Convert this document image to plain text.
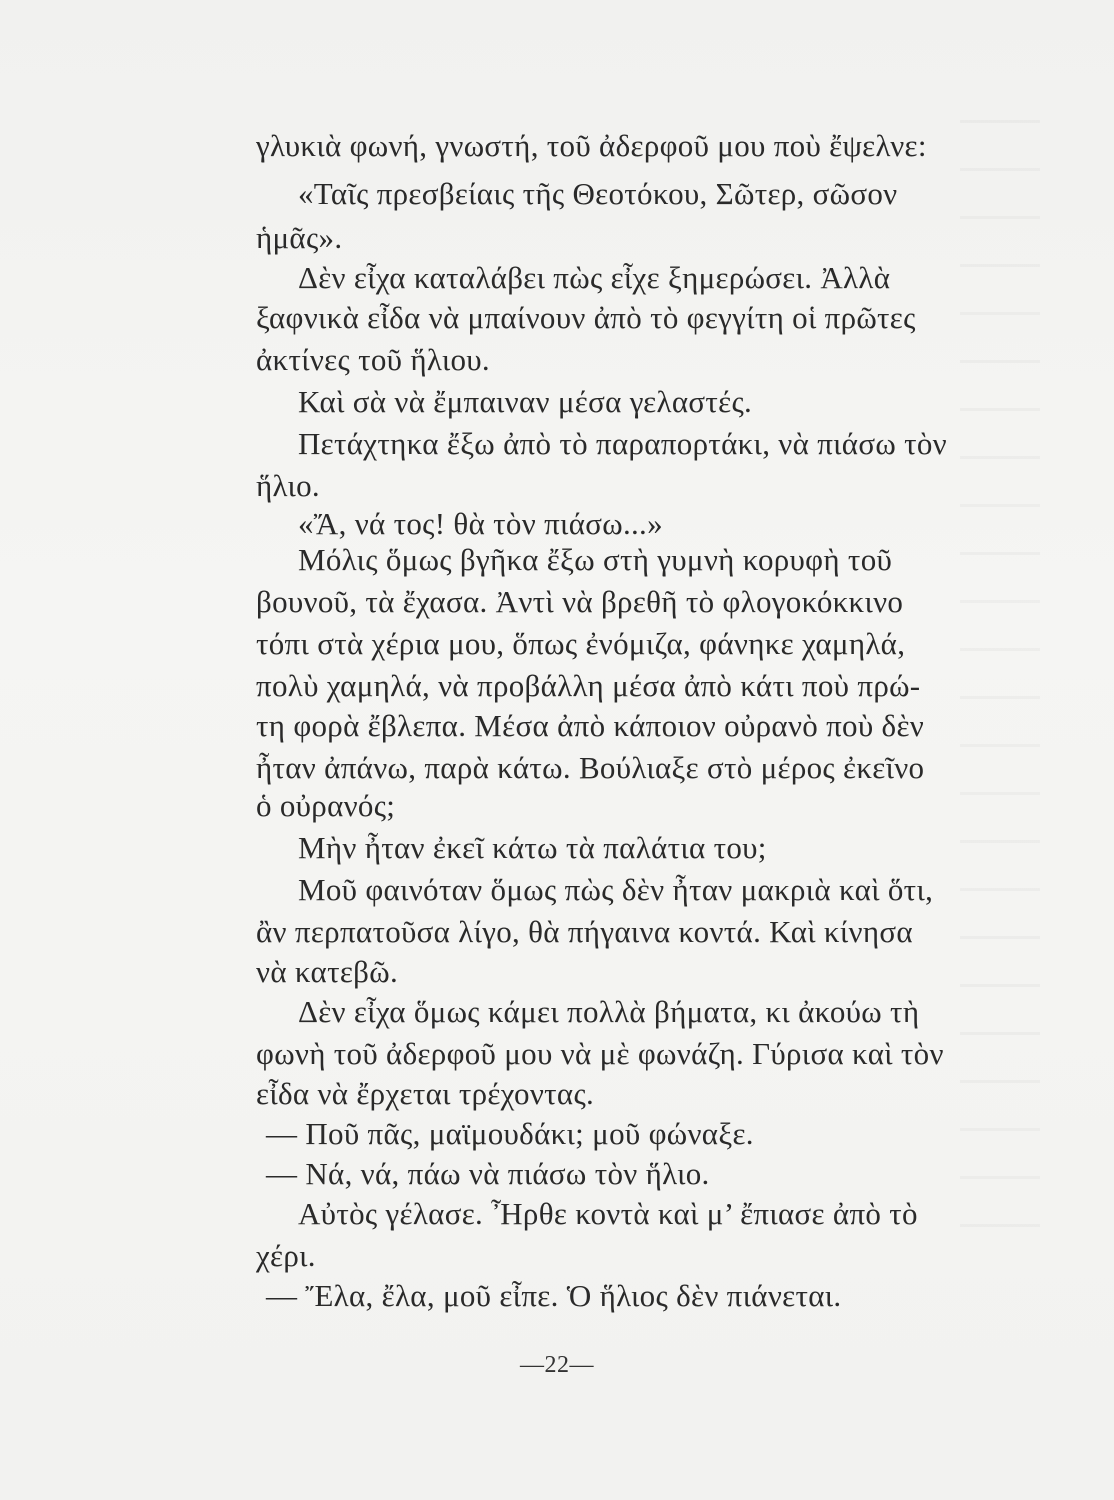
γλυκιὰ φωνή, γνωστή, τοῦ ἀδερφοῦ μου ποὺ ἔψελνε:
«Ταῖς πρεσβείαις τῆς Θεοτόκου, Σῶτερ, σῶσον
ἡμᾶς».
Δὲν εἶχα καταλάβει πὼς εἶχε ξημερώσει. Ἀλλὰ
ξαφνικὰ εἶδα νὰ μπαίνουν ἀπὸ τὸ φεγγίτη οἱ πρῶτες
ἀκτίνες τοῦ ἥλιου.
Καὶ σὰ νὰ ἔμπαιναν μέσα γελαστές.
Πετάχτηκα ἔξω ἀπὸ τὸ παραπορτάκι, νὰ πιάσω τὸν
ἥλιο.
«Ἄ, νά τος! θὰ τὸν πιάσω...»
Μόλις ὅμως βγῆκα ἔξω στὴ γυμνὴ κορυφὴ τοῦ
βουνοῦ, τὰ ἔχασα. Ἀντὶ νὰ βρεθῆ τὸ φλογοκόκκινο
τόπι στὰ χέρια μου, ὅπως ἐνόμιζα, φάνηκε χαμηλά,
πολὺ χαμηλά, νὰ προβάλλη μέσα ἀπὸ κάτι ποὺ πρώ-
τη φορὰ ἔβλεπα. Μέσα ἀπὸ κάποιον οὐρανὸ ποὺ δὲν
ἦταν ἀπάνω, παρὰ κάτω. Βούλιαξε στὸ μέρος ἐκεῖνο
ὁ οὐρανός;
Μὴν ἦταν ἐκεῖ κάτω τὰ παλάτια του;
Μοῦ φαινόταν ὅμως πὼς δὲν ἦταν μακριὰ καὶ ὅτι,
ἂν περπατοῦσα λίγο, θὰ πήγαινα κοντά. Καὶ κίνησα
νὰ κατεβῶ.
Δὲν εἶχα ὅμως κάμει πολλὰ βήματα, κι ἀκούω τὴ
φωνὴ τοῦ ἀδερφοῦ μου νὰ μὲ φωνάζη. Γύρισα καὶ τὸν
εἶδα νὰ ἔρχεται τρέχοντας.
— Ποῦ πᾶς, μαϊμουδάκι; μοῦ φώναξε.
— Νά, νά, πάω νὰ πιάσω τὸν ἥλιο.
Αὐτὸς γέλασε. Ἦρθε κοντὰ καὶ μ’ ἔπιασε ἀπὸ τὸ
χέρι.
— Ἔλα, ἔλα, μοῦ εἶπε. Ὁ ἥλιος δὲν πιάνεται.
—22—
